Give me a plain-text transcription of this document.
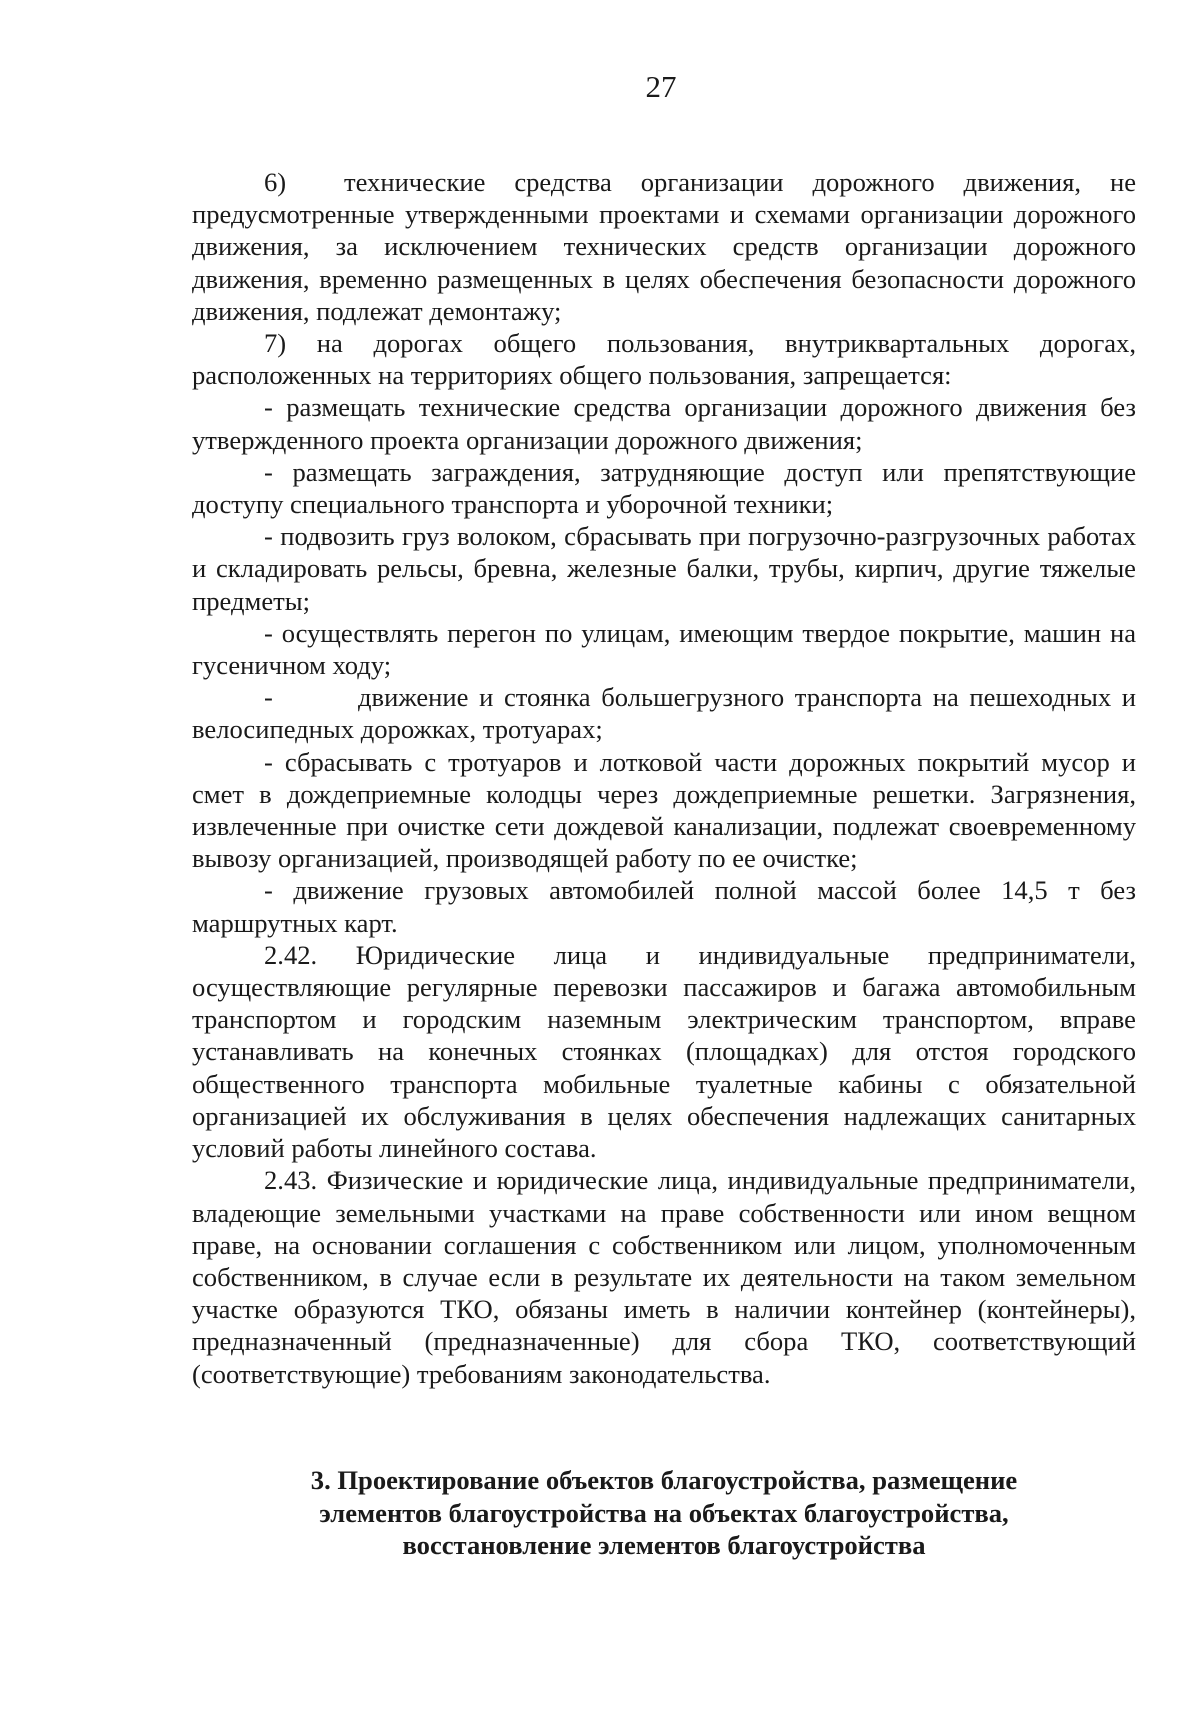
27

6)  технические средства организации дорожного движения, не предусмотренные утвержденными проектами и схемами организации дорожного движения, за исключением технических средств организации дорожного движения, временно размещенных в целях обеспечения безопасности дорожного движения, подлежат демонтажу;

7) на дорогах общего пользования, внутриквартальных дорогах, расположенных на территориях общего пользования, запрещается:

- размещать технические средства организации дорожного движения без утвержденного проекта организации дорожного движения;

- размещать заграждения, затрудняющие доступ или препятствующие доступу специального транспорта и уборочной техники;

- подвозить груз волоком, сбрасывать при погрузочно-разгрузочных работах и складировать рельсы, бревна, железные балки, трубы, кирпич, другие тяжелые предметы;

- осуществлять перегон по улицам, имеющим твердое покрытие, машин на гусеничном ходу;

-        движение и стоянка большегрузного транспорта на пешеходных и велосипедных дорожках, тротуарах;

- сбрасывать с тротуаров и лотковой части дорожных покрытий мусор и смет в дождеприемные колодцы через дождеприемные решетки. Загрязнения, извлеченные при очистке сети дождевой канализации, подлежат своевременному вывозу организацией, производящей работу по ее очистке;

- движение грузовых автомобилей полной массой более 14,5 т без маршрутных карт.

2.42. Юридические лица и индивидуальные предприниматели, осуществляющие регулярные перевозки пассажиров и багажа автомобильным транспортом и городским наземным электрическим транспортом, вправе устанавливать на конечных стоянках (площадках) для отстоя городского общественного транспорта мобильные туалетные кабины с обязательной организацией их обслуживания в целях обеспечения надлежащих санитарных условий работы линейного состава.

2.43. Физические и юридические лица, индивидуальные предприниматели, владеющие земельными участками на праве собственности или ином вещном праве, на основании соглашения с собственником или лицом, уполномоченным собственником, в случае если в результате их деятельности на таком земельном участке образуются ТКО, обязаны иметь в наличии контейнер (контейнеры), предназначенный (предназначенные) для сбора ТКО, соответствующий (соответствующие) требованиям законодательства.

3. Проектирование объектов благоустройства, размещение
элементов благоустройства на объектах благоустройства,
восстановление элементов благоустройства
